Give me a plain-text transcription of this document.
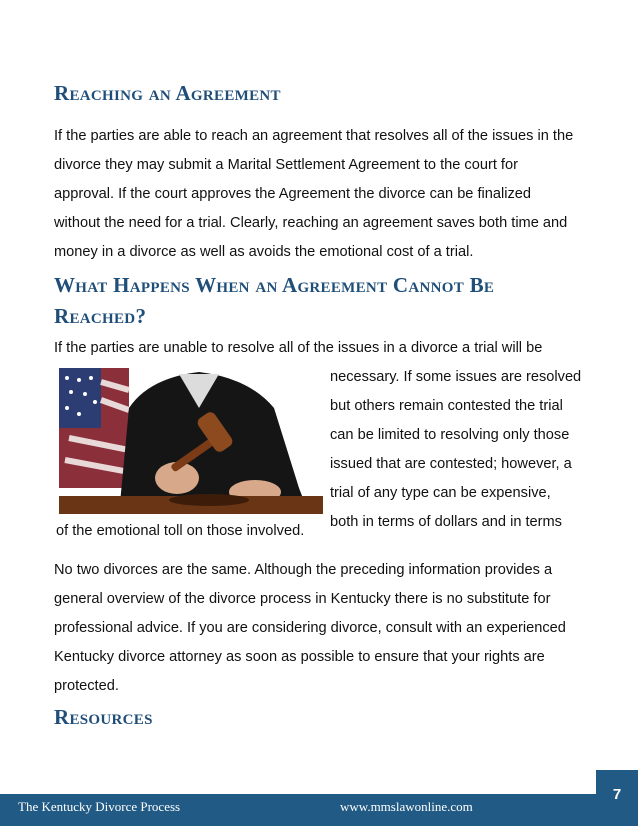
Reaching an Agreement
If the parties are able to reach an agreement that resolves all of the issues in the
divorce they may submit a Marital Settlement Agreement to the court for
approval. If the court approves the Agreement the divorce can be finalized
without the need for a trial. Clearly, reaching an agreement saves both time and
money in a divorce as well as avoids the emotional cost of a trial.
What Happens When an Agreement Cannot Be
Reached?
If the parties are unable to resolve all of the issues in a divorce a trial will be
necessary. If some issues are resolved
but others remain contested the trial
can be limited to resolving only those
issued that are contested; however, a
trial of any type can be expensive,
both in terms of dollars and in terms
of the emotional toll on those involved.
No two divorces are the same. Although the preceding information provides a
general overview of the divorce process in Kentucky there is no substitute for
professional advice. If you are considering divorce, consult with an experienced
Kentucky divorce attorney as soon as possible to ensure that your rights are
protected.
Resources
The Kentucky Divorce Process	www.mmslawonline.com
7
